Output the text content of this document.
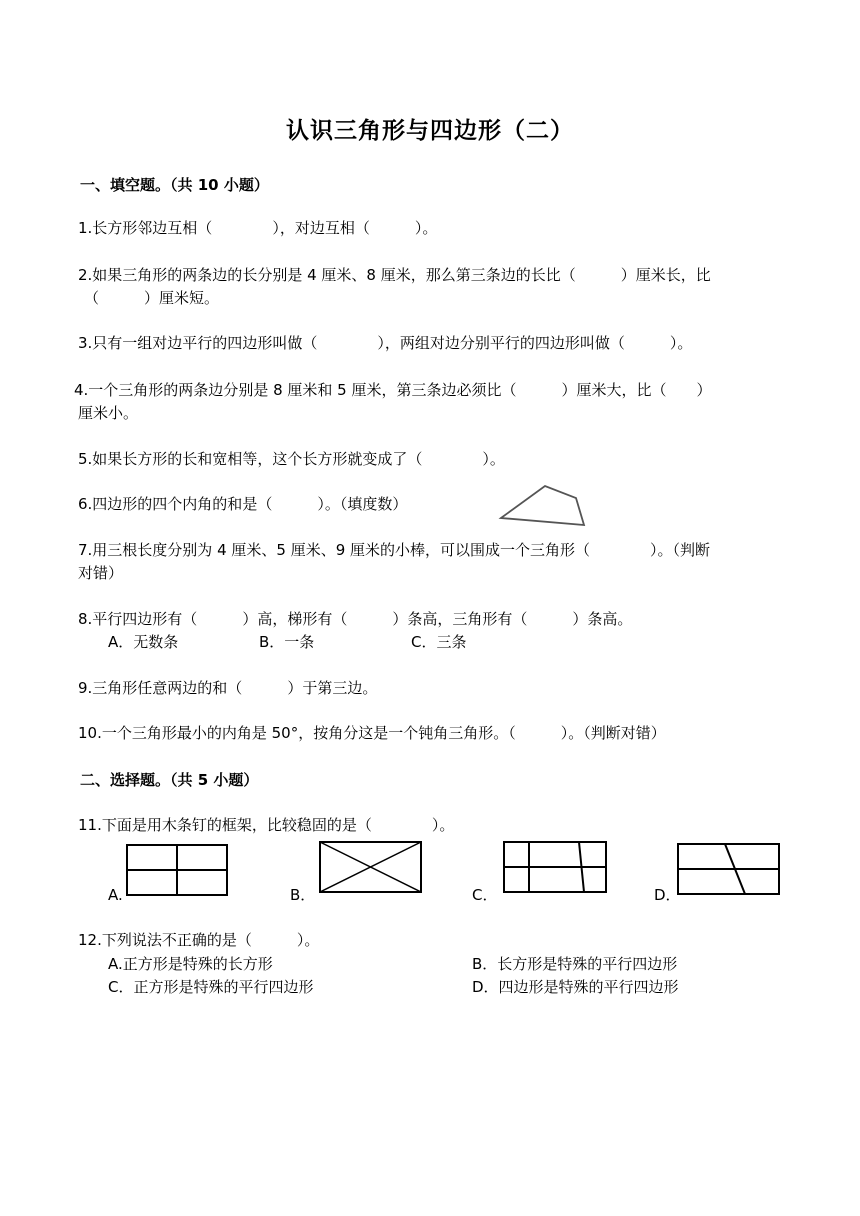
认识三角形与四边形（二）
一、填空题。（共 10 小题）
1.长方形邻边互相（　　　　），对边互相（　　　）。
2.如果三角形的两条边的长分别是 4 厘米、8 厘米，那么第三条边的长比（　　　）厘米长，比
（　　　）厘米短。
3.只有一组对边平行的四边形叫做（　　　　），两组对边分别平行的四边形叫做（　　　）。
4.一个三角形的两条边分别是 8 厘米和 5 厘米，第三条边必须比（　　　）厘米大，比（　　）
厘米小。
5.如果长方形的长和宽相等，这个长方形就变成了（　　　　）。
6.四边形的四个内角的和是（　　　）。（填度数）
7.用三根长度分别为 4 厘米、5 厘米、9 厘米的小棒，可以围成一个三角形（　　　　）。（判断
对错）
8.平行四边形有（　　　）高，梯形有（　　　）条高，三角形有（　　　）条高。
A．无数条	B．一条	C．三条
9.三角形任意两边的和（　　　）于第三边。
10.一个三角形最小的内角是 50°，按角分这是一个钝角三角形。（　　　）。（判断对错）
二、选择题。（共 5 小题）
11.下面是用木条钉的框架，比较稳固的是（　　　　）。
A.	B．	C．	D．
12.下列说法不正确的是（　　　）。
A.正方形是特殊的长方形	B．长方形是特殊的平行四边形
C．正方形是特殊的平行四边形	D．四边形是特殊的平行四边形
